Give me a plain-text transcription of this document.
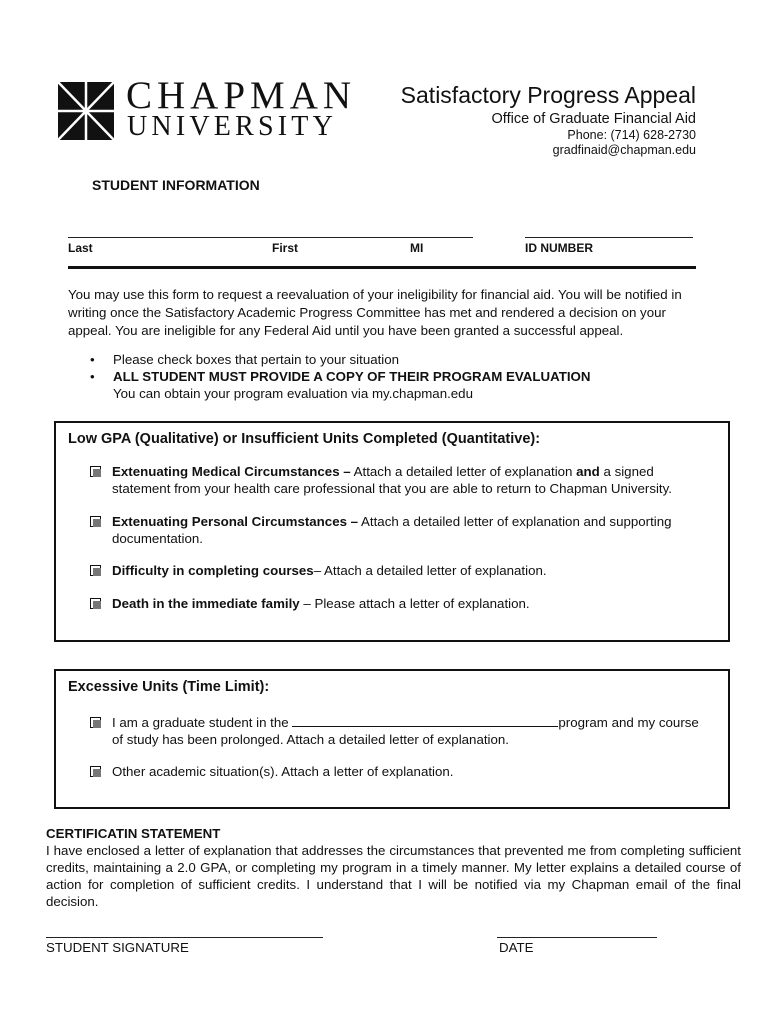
CHAPMAN
UNIVERSITY
Satisfactory Progress Appeal
Office of Graduate Financial Aid
Phone: (714) 628-2730
gradfinaid@chapman.edu
STUDENT INFORMATION
Last	First	MI	ID NUMBER
You may use this form to request a reevaluation of your ineligibility for financial aid. You will be notified in writing once the Satisfactory Academic Progress Committee has met and rendered a decision on your appeal. You are ineligible for any Federal Aid until you have been granted a successful appeal.
•	Please check boxes that pertain to your situation
•	ALL STUDENT MUST PROVIDE A COPY OF THEIR PROGRAM EVALUATION
You can obtain your program evaluation via my.chapman.edu
Low GPA (Qualitative) or Insufficient Units Completed (Quantitative):
Extenuating Medical Circumstances – Attach a detailed letter of explanation and a signed statement from your health care professional that you are able to return to Chapman University.
Extenuating Personal Circumstances – Attach a detailed letter of explanation and supporting documentation.
Difficulty in completing courses– Attach a detailed letter of explanation.
Death in the immediate family – Please attach a letter of explanation.
Excessive Units (Time Limit):
I am a graduate student in the	program and my course of study has been prolonged. Attach a detailed letter of explanation.
Other academic situation(s). Attach a letter of explanation.
CERTIFICATIN STATEMENT
I have enclosed a letter of explanation that addresses the circumstances that prevented me from completing sufficient credits, maintaining a 2.0 GPA, or completing my program in a timely manner. My letter explains a detailed course of action for completion of sufficient credits. I understand that I will be notified via my Chapman email of the final decision.
STUDENT SIGNATURE	DATE
